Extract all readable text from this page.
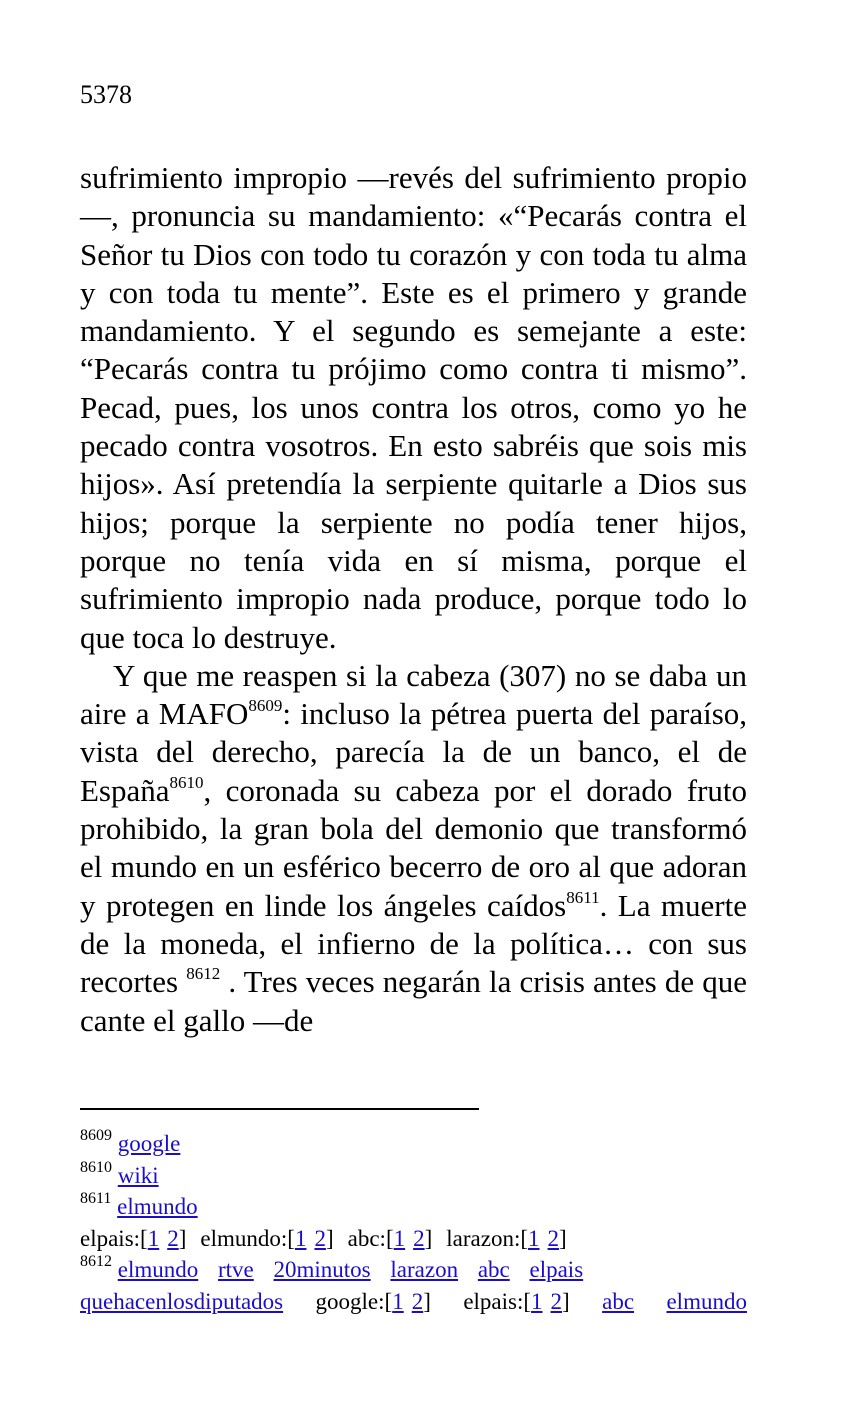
5378

sufrimiento impropio —revés del sufrimiento propio—, pronuncia su mandamiento: «“Pecarás contra el Señor tu Dios con todo tu corazón y con toda tu alma y con toda tu mente”. Este es el primero y grande mandamiento. Y el segundo es semejante a este: “Pecarás contra tu prójimo como contra ti mismo”. Pecad, pues, los unos contra los otros, como yo he pecado contra vosotros. En esto sabréis que sois mis hijos». Así pretendía la serpiente quitarle a Dios sus hijos; porque la serpiente no podía tener hijos, porque no tenía vida en sí misma, porque el sufrimiento impropio nada produce, porque todo lo que toca lo destruye.

Y que me reaspen si la cabeza (307) no se daba un aire a MAFO$^{8609}$: incluso la pétrea puerta del paraíso, vista del derecho, parecía la de un banco, el de España$^{8610}$, coronada su cabeza por el dorado fruto prohibido, la gran bola del demonio que transformó el mundo en un esférico becerro de oro al que adoran y protegen en linde los ángeles caídos$^{8611}$. La muerte de la moneda, el infierno de la política… con sus recortes $^{8612}$ . Tres veces negarán la crisis antes de que cante el gallo —de

$^{8609}$ google
$^{8610}$ wiki
$^{8611}$ elmundo
elpais:[1 2] elmundo:[1 2] abc:[1 2] larazon:[1 2]
$^{8612}$ elmundo rtve 20minutos larazon abc elpais
quehacenlosdiputados google:[1 2] elpais:[1 2] abc elmundo
